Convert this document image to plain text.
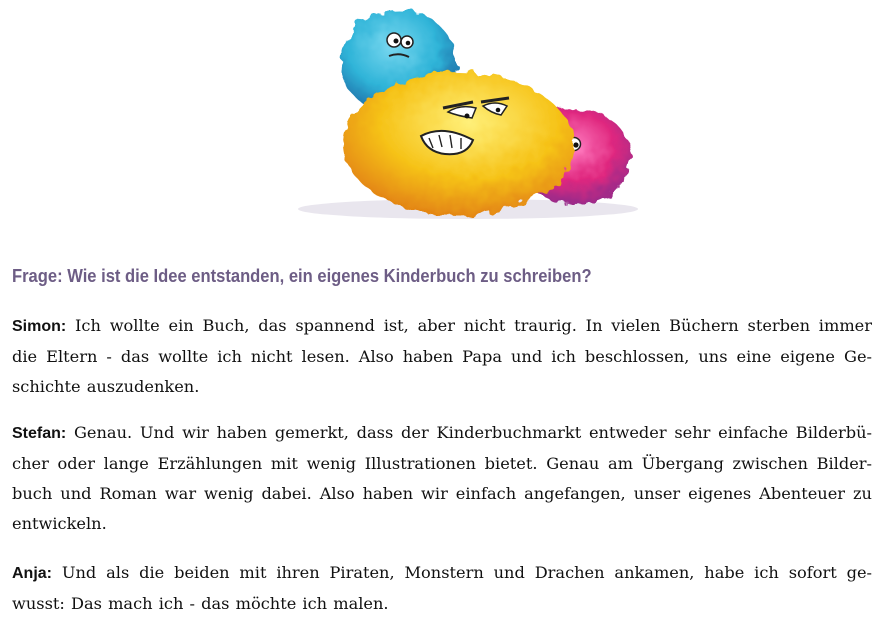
Frage: Wie ist die Idee entstanden, ein eigenes Kinderbuch zu schreiben?

Simon: Ich wollte ein Buch, das spannend ist, aber nicht traurig. In vielen Büchern sterben immer
die Eltern - das wollte ich nicht lesen. Also haben Papa und ich beschlossen, uns eine eigene Ge-
schichte auszudenken.

Stefan: Genau. Und wir haben gemerkt, dass der Kinderbuchmarkt entweder sehr einfache Bilderbü-
cher oder lange Erzählungen mit wenig Illustrationen bietet. Genau am Übergang zwischen Bilder-
buch und Roman war wenig dabei. Also haben wir einfach angefangen, unser eigenes Abenteuer zu
entwickeln.

Anja: Und als die beiden mit ihren Piraten, Monstern und Drachen ankamen, habe ich sofort ge-
wusst: Das mach ich - das möchte ich malen.
